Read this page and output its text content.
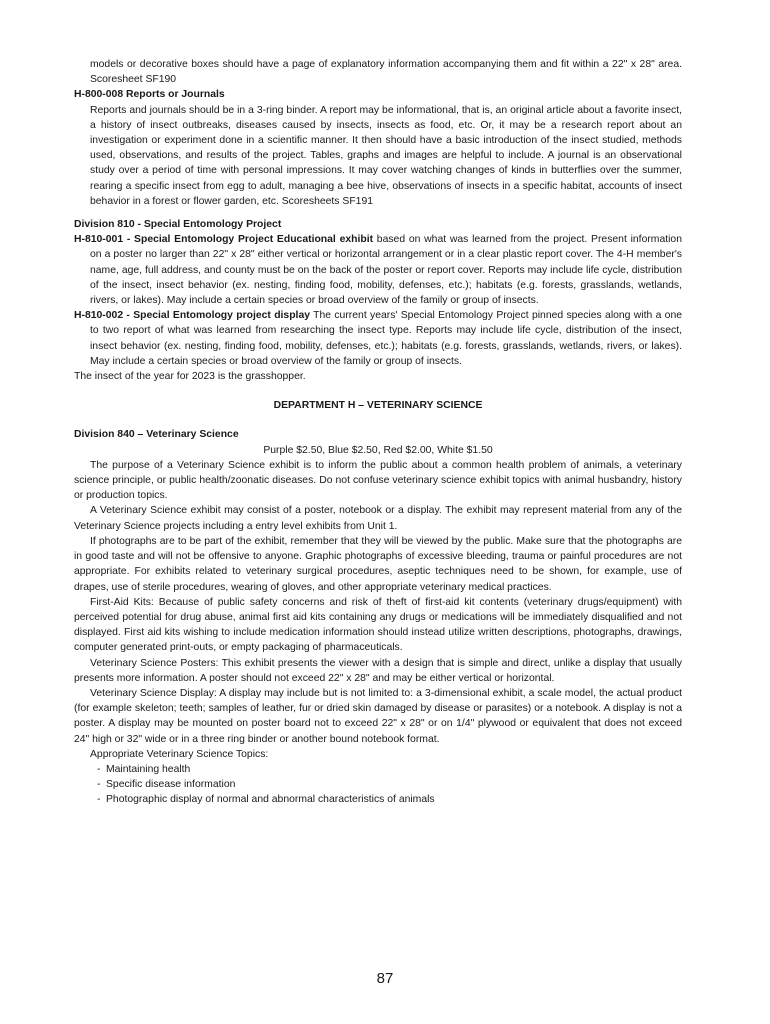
models or decorative boxes should have a page of explanatory information accompanying them and fit within a 22" x 28" area. Scoresheet SF190

H-800-008 Reports or Journals

Reports and journals should be in a 3-ring binder. A report may be informational, that is, an original article about a favorite insect, a history of insect outbreaks, diseases caused by insects, insects as food, etc. Or, it may be a research report about an investigation or experiment done in a scientific manner. It then should have a basic introduction of the insect studied, methods used, observations, and results of the project. Tables, graphs and images are helpful to include. A journal is an observational study over a period of time with personal impressions. It may cover watching changes of kinds in butterflies over the summer, rearing a specific insect from egg to adult, managing a bee hive, observations of insects in a specific habitat, accounts of insect behavior in a forest or flower garden, etc. Scoresheets SF191

Division 810 - Special Entomology Project

H-810-001 - Special Entomology Project Educational exhibit based on what was learned from the project. Present information on a poster no larger than 22" x 28" either vertical or horizontal arrangement or in a clear plastic report cover. The 4-H member's name, age, full address, and county must be on the back of the poster or report cover. Reports may include life cycle, distribution of the insect, insect behavior (ex. nesting, finding food, mobility, defenses, etc.); habitats (e.g. forests, grasslands, wetlands, rivers, or lakes). May include a certain species or broad overview of the family or group of insects.

H-810-002 - Special Entomology project display The current years' Special Entomology Project pinned species along with a one to two report of what was learned from researching the insect type. Reports may include life cycle, distribution of the insect, insect behavior (ex. nesting, finding food, mobility, defenses, etc.); habitats (e.g. forests, grasslands, wetlands, rivers, or lakes). May include a certain species or broad overview of the family or group of insects.

The insect of the year for 2023 is the grasshopper.

DEPARTMENT H – VETERINARY SCIENCE

Division 840 – Veterinary Science

Purple $2.50, Blue $2.50, Red $2.00, White $1.50

The purpose of a Veterinary Science exhibit is to inform the public about a common health problem of animals, a veterinary science principle, or public health/zoonatic diseases. Do not confuse veterinary science exhibit topics with animal husbandry, history or production topics.

A Veterinary Science exhibit may consist of a poster, notebook or a display. The exhibit may represent material from any of the Veterinary Science projects including a entry level exhibits from Unit 1.

If photographs are to be part of the exhibit, remember that they will be viewed by the public. Make sure that the photographs are in good taste and will not be offensive to anyone. Graphic photographs of excessive bleeding, trauma or painful procedures are not appropriate. For exhibits related to veterinary surgical procedures, aseptic techniques need to be shown, for example, use of drapes, use of sterile procedures, wearing of gloves, and other appropriate veterinary medical practices.

First-Aid Kits: Because of public safety concerns and risk of theft of first-aid kit contents (veterinary drugs/equipment) with perceived potential for drug abuse, animal first aid kits containing any drugs or medications will be immediately disqualified and not displayed. First aid kits wishing to include medication information should instead utilize written descriptions, photographs, drawings, computer generated print-outs, or empty packaging of pharmaceuticals.

Veterinary Science Posters: This exhibit presents the viewer with a design that is simple and direct, unlike a display that usually presents more information. A poster should not exceed 22" x 28" and may be either vertical or horizontal.

Veterinary Science Display: A display may include but is not limited to: a 3-dimensional exhibit, a scale model, the actual product (for example skeleton; teeth; samples of leather, fur or dried skin damaged by disease or parasites) or a notebook. A display is not a poster. A display may be mounted on poster board not to exceed 22" x 28" or on 1/4" plywood or equivalent that does not exceed 24" high or 32" wide or in a three ring binder or another bound notebook format.

Appropriate Veterinary Science Topics:

- Maintaining health
- Specific disease information
- Photographic display of normal and abnormal characteristics of animals
87
